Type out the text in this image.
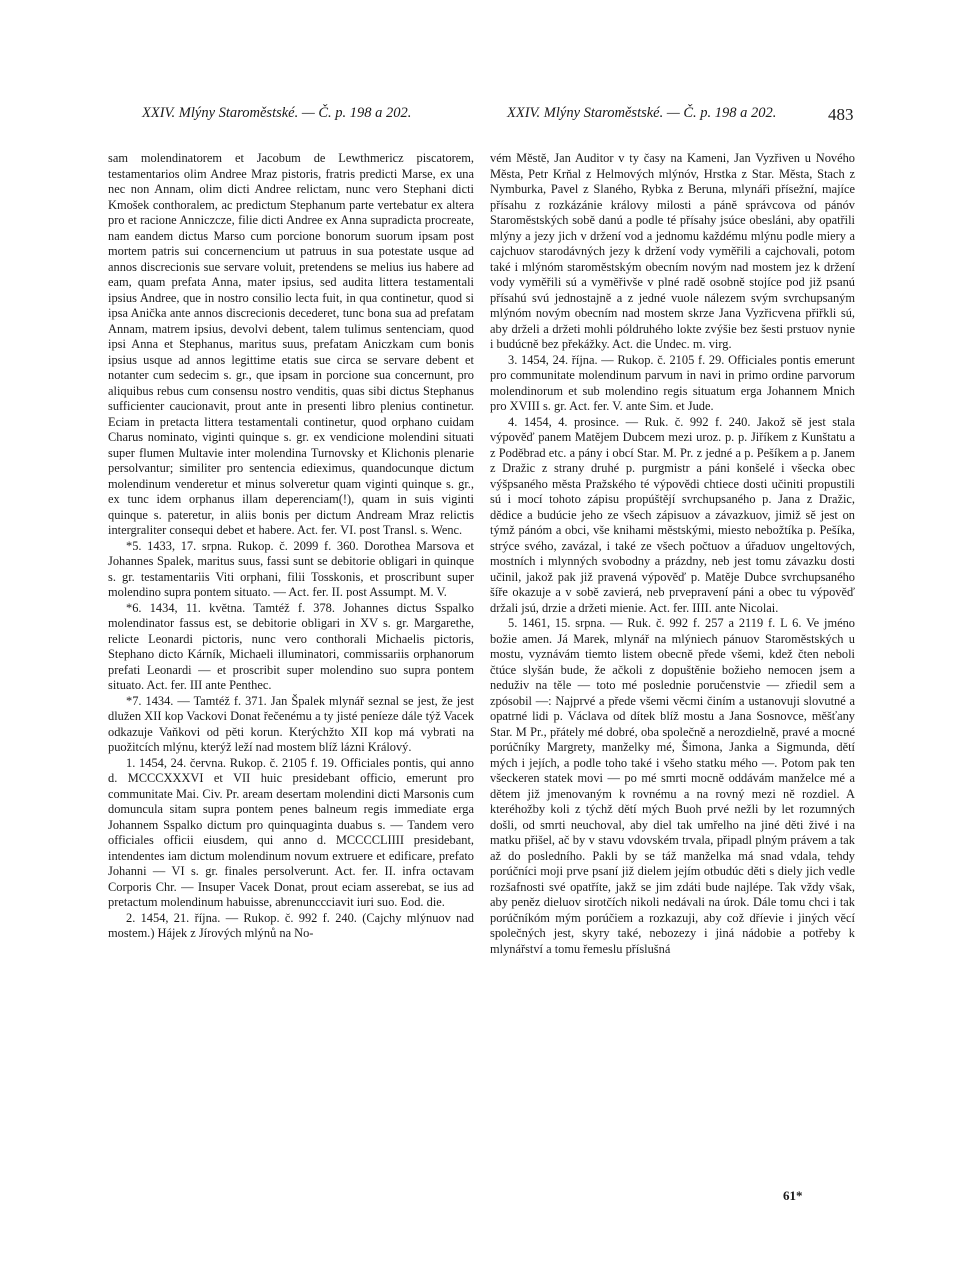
XXIV. Mlýny Staroměstské. — Č. p. 198 a 202.	XXIV. Mlýny Staroměstské. — Č. p. 198 a 202.	483

sam molendinatorem et Jacobum de Lewthmericz piscatorem, testamentarios olim Andree Mraz pistoris, fratris predicti Marse, ex una nec non Annam, olim dicti Andree relictam, nunc vero Stephani dicti Kmošek conthoralem, ac predictum Stephanum parte vertebatur ex altera pro et racione Anniczcze, filie dicti Andree ex Anna supradicta procreate, nam eandem dictus Marso cum porcione bonorum suorum ipsam post mortem patris sui concernencium ut patruus in sua potestate usque ad annos discrecionis sue servare voluit, pretendens se melius ius habere ad eam, quam prefata Anna, mater ipsius, sed audita littera testamentali ipsius Andree, que in nostro consilio lecta fuit, in qua continetur, quod si ipsa Anička ante annos discrecionis decederet, tunc bona sua ad prefatam Annam, matrem ipsius, devolvi debent, talem tulimus sentenciam, quod ipsi Anna et Stephanus, maritus suus, prefatam Aniczkam cum bonis ipsius usque ad annos legittime etatis sue circa se servare debent et notanter cum sedecim s. gr., que ipsam in porcione sua concernunt, pro aliquibus rebus cum consensu nostro venditis, quas sibi dictus Stephanus sufficienter caucionavit, prout ante in presenti libro plenius continetur. Eciam in pretacta littera testamentali continetur, quod orphano cuidam Charus nominato, viginti quinque s. gr. ex vendicione molendini situati super flumen Multavie inter molendina Turnovsky et Klichonis plenarie persolvantur; similiter pro sentencia edieximus, quandocunque dictum molendinum venderetur et minus solveretur quam viginti quinque s. gr., ex tunc idem orphanus illam deperenciam(!), quam in suis viginti quinque s. pateretur, in aliis bonis per dictum Andream Mraz relictis intergraliter consequi debet et habere. Act. fer. VI. post Transl. s. Wenc.

*5. 1433, 17. srpna. Rukop. č. 2099 f. 360. Dorothea Marsova et Johannes Spalek, maritus suus, fassi sunt se debitorie obligari in quinque s. gr. testamentariis Viti orphani, filii Tosskonis, et proscribunt super molendino supra pontem situato. — Act. fer. II. post Assumpt. M. V.

*6. 1434, 11. května. Tamtéž f. 378. Johannes dictus Sspalko molendinator fassus est, se debitorie obligari in XV s. gr. Margarethe, relicte Leonardi pictoris, nunc vero conthorali Michaelis pictoris, Stephano dicto Kárník, Michaeli illuminatori, commissariis orphanorum prefati Leonardi — et proscribit super molendino suo supra pontem situato. Act. fer. III ante Penthec.

*7. 1434. — Tamtéž f. 371. Jan Špalek mlynář seznal se jest, že jest dlužen XII kop Vackovi Donat řečenému a ty jisté peníeze dále týž Vacek odkazuje Vaňkovi od pěti korun. Kterýchžto XII kop má vybrati na puožitcích mlýnu, kterýž leží nad mostem blíž lázni Králový.

1. 1454, 24. června. Rukop. č. 2105 f. 19. Officiales pontis, qui anno d. MCCCXXXVI et VII huic presidebant officio, emerunt pro communitate Mai. Civ. Pr. aream desertam molendini dicti Marsonis cum domuncula sitam supra pontem penes balneum regis immediate erga Johannem Sspalko dictum pro quinquaginta duabus s. — Tandem vero officiales officii eiusdem, qui anno d. MCCCCLIIII presidebant, intendentes iam dictum molendinum novum extruere et edificare, prefato Johanni — VI s. gr. finales persolverunt. Act. fer. II. infra octavam Corporis Chr. — Insuper Vacek Donat, prout eciam asserebat, se ius ad pretactum molendinum habuisse, abrenunccciavit iuri suo. Eod. die.

2. 1454, 21. října. — Rukop. č. 992 f. 240. (Cajchy mlýnuov nad mostem.) Hájek z Jírových mlýnů na No-

vém Městě, Jan Auditor v ty časy na Kameni, Jan Vyzřiven u Nového Města, Petr Krňal z Helmových mlýnóv, Hrstka z Star. Města, Stach z Nymburka, Pavel z Slaného, Rybka z Beruna, mlynáři přísežní, majíce přísahu z rozkázánie královy milosti a páně správcova od pánóv Staroměstských sobě danú a podle té přísahy jsúce obesláni, aby opatřili mlýny a jezy jich v držení vod a jednomu každému mlýnu podle miery a cajchuov starodávných jezy k držení vody vyměřili a cajchovali, potom také i mlýnóm staroměstským obecním novým nad mostem jez k držení vody vyměřili sú a vyměřivše v plné radě osobně stojíce pod již psanú přísahú svú jednostajně a z jedné vuole nálezem svým svrchupsaným mlýnóm novým obecním nad mostem skrze Jana Vyzřicvena přiřkli sú, aby drželi a držeti mohli póldruhého lokte zvýšie bez šesti prstuov nynie i budúcně bez překážky. Act. die Undec. m. virg.

3. 1454, 24. října. — Rukop. č. 2105 f. 29. Officiales pontis emerunt pro communitate molendinum parvum in navi in primo ordine parvorum molendinorum et sub molendino regis situatum erga Johannem Mnich pro XVIII s. gr. Act. fer. V. ante Sim. et Jude.

4. 1454, 4. prosince. — Ruk. č. 992 f. 240. Jakož sě jest stala výpověď panem Matějem Dubcem mezi uroz. p. p. Jiříkem z Kunštatu a z Poděbrad etc. a pány i obcí Star. M. Pr. z jedné a p. Pešíkem a p. Janem z Dražic z strany druhé p. purgmistr a páni konšelé i všecka obec výšpsaného města Pražského té výpovědi chtiece dosti učiniti propustili sú i mocí tohoto zápisu propúštějí svrchupsaného p. Jana z Dražic, dědice a budúcie jeho ze všech zápisuov a závazkuov, jimiž sě jest on týmž pánóm a obci, vše knihami městskými, miesto nebožtíka p. Pešíka, strýce svého, zavázal, i také ze všech počtuov a úřaduov ungeltových, mostních i mlynných svobodny a prázdny, neb jest tomu závazku dosti učinil, jakož pak již pravená výpověď p. Matěje Dubce svrchupsaného šíře okazuje a v sobě zavierá, neb prvepravení páni a obec tu výpověď držali jsú, drzie a držeti mienie. Act. fer. IIII. ante Nicolai.

5. 1461, 15. srpna. — Ruk. č. 992 f. 257 a 2119 f. L 6. Ve jméno božie amen. Já Marek, mlynář na mlýniech pánuov Staroměstských u mostu, vyznávám tiemto listem obecně přede všemi, kdež čten neboli čtúce slyšán bude, že ačkoli z dopuštěnie božieho nemocen jsem a neduživ na těle — toto mé poslednie poručenstvie — zřiedil sem a zpósobil —: Najprvé a přede všemi věcmi činím a ustanovuji slovutné a opatrné lidi p. Václava od dítek blíž mostu a Jana Sosnovce, měšťany Star. M Pr., přátely mé dobré, oba společně a nerozdielně, pravé a mocné porúčníky Margrety, manželky mé, Šimona, Janka a Sigmunda, dětí mých i jejích, a podle toho také i všeho statku mého —. Potom pak ten všeckeren statek movi — po mé smrti mocně oddávám manželce mé a dětem již jmenovaným k rovnému a na rovný mezi ně rozdiel. A kteréhožby koli z týchž dětí mých Buoh prvé nežli by let rozumných došli, od smrti neuchoval, aby diel tak umřelho na jiné děti živé i na matku přišel, ač by v stavu vdovském trvala, připadl plným právem a tak až do posledního. Pakli by se táž manželka má snad vdala, tehdy porúčníci moji prve psaní již dielem jejím otbudúc děti s diely jich vedle rozšafnosti své opatříte, jakž se jim zdáti bude najlépe. Tak vždy však, aby peněz dieluov sirotčích nikoli nedávali na úrok. Dále tomu chci i tak porúčníkóm mým porúčiem a rozkazuji, aby což dříevie i jiných věcí společných jest, skyry také, nebozezy i jiná nádobie a potřeby k mlynářství a tomu řemeslu příslušná

61*
